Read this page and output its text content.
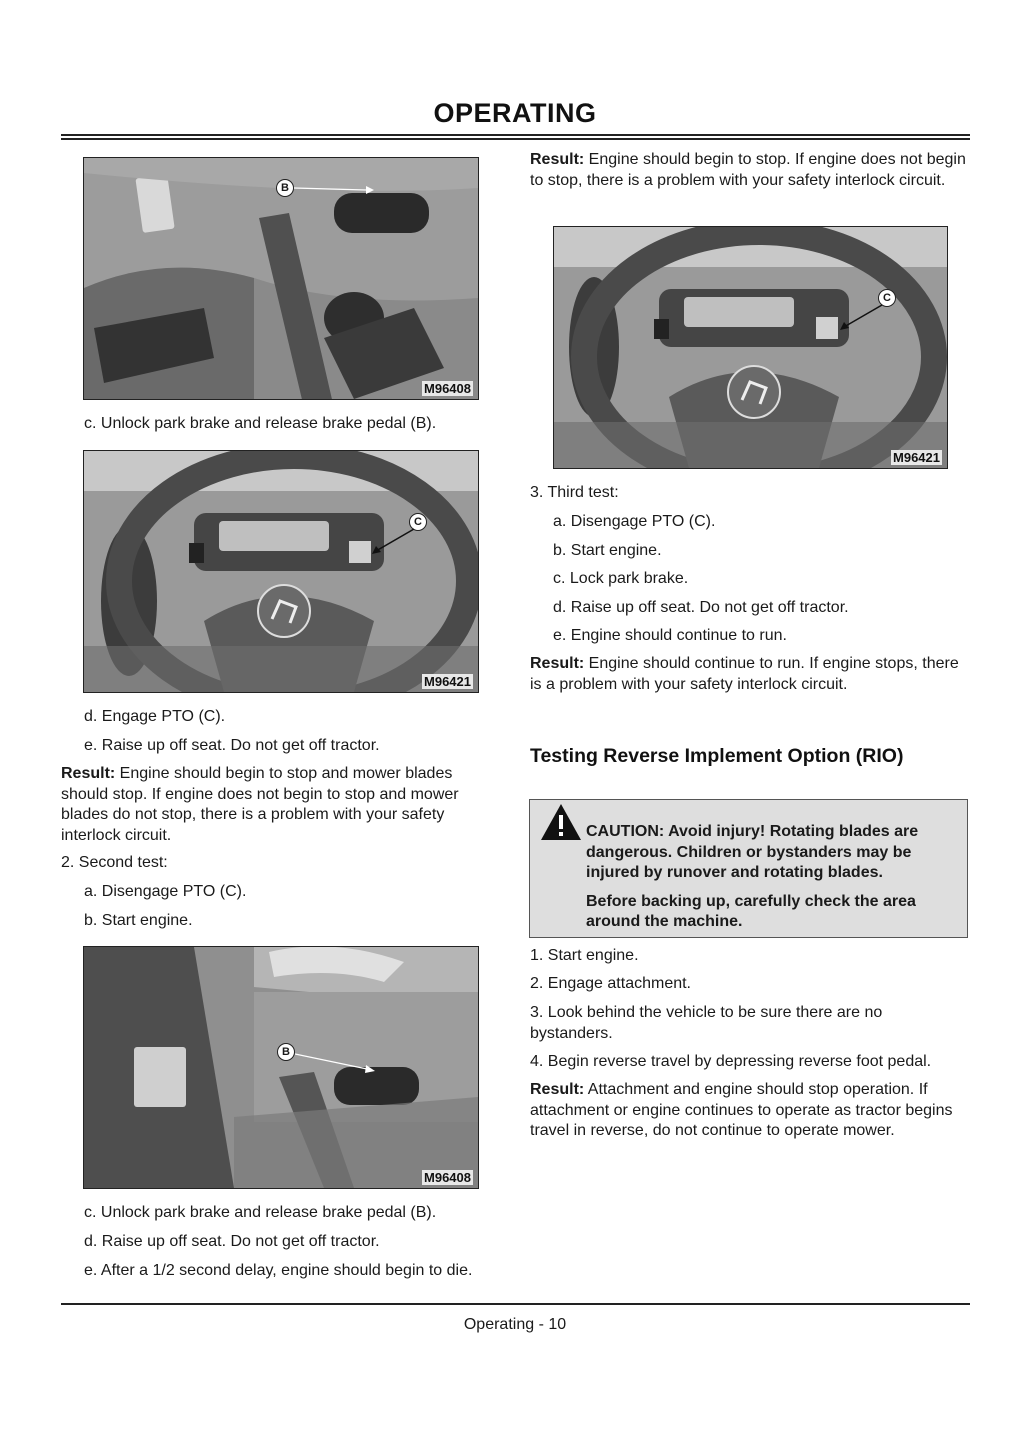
OPERATING
B
M96408
c. Unlock park brake and release brake pedal (B).
C
M96421
d. Engage PTO (C).
e. Raise up off seat. Do not get off tractor.
Result: Engine should begin to stop and mower blades should stop. If engine does not begin to stop and mower blades do not stop, there is a problem with your safety interlock circuit.
2. Second test:
a. Disengage PTO (C).
b. Start engine.
B
M96408
c. Unlock park brake and release brake pedal (B).
d. Raise up off seat. Do not get off tractor.
e. After a 1/2 second delay, engine should begin to die.
Result: Engine should begin to stop. If engine does not begin to stop, there is a problem with your safety interlock circuit.
C
M96421
3. Third test:
a. Disengage PTO (C).
b. Start engine.
c. Lock park brake.
d. Raise up off seat. Do not get off tractor.
e. Engine should continue to run.
Result: Engine should continue to run. If engine stops, there is a problem with your safety interlock circuit.
Testing Reverse Implement Option (RIO)

CAUTION: Avoid injury! Rotating blades are dangerous. Children or bystanders may be injured by runover and rotating blades.

Before backing up, carefully check the area around the machine.

1. Start engine.
2. Engage attachment.
3. Look behind the vehicle to be sure there are no bystanders.
4. Begin reverse travel by depressing reverse foot pedal.
Result: Attachment and engine should stop operation. If attachment or engine continues to operate as tractor begins travel in reverse, do not continue to operate mower.
Operating - 10
